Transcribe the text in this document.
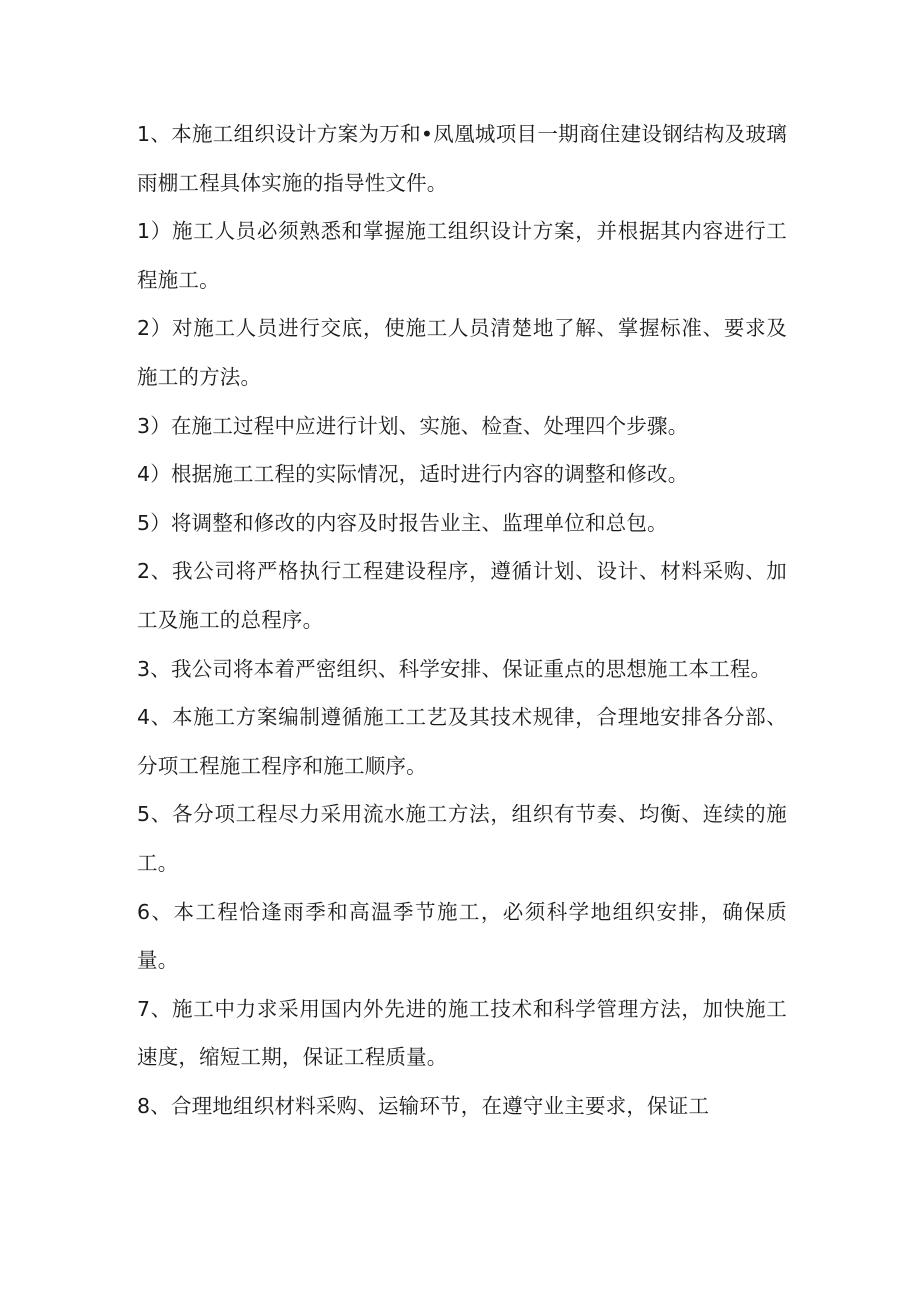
1、本施工组织设计方案为万和•凤凰城项目一期商住建设钢结构及玻璃雨棚工程具体实施的指导性文件。

1）施工人员必须熟悉和掌握施工组织设计方案，并根据其内容进行工程施工。

2）对施工人员进行交底，使施工人员清楚地了解、掌握标准、要求及施工的方法。

3）在施工过程中应进行计划、实施、检查、处理四个步骤。

4）根据施工工程的实际情况，适时进行内容的调整和修改。

5）将调整和修改的内容及时报告业主、监理单位和总包。

2、我公司将严格执行工程建设程序，遵循计划、设计、材料采购、加工及施工的总程序。

3、我公司将本着严密组织、科学安排、保证重点的思想施工本工程。

4、本施工方案编制遵循施工工艺及其技术规律，合理地安排各分部、分项工程施工程序和施工顺序。

5、各分项工程尽力采用流水施工方法，组织有节奏、均衡、连续的施工。

6、本工程恰逢雨季和高温季节施工，必须科学地组织安排，确保质量。

7、施工中力求采用国内外先进的施工技术和科学管理方法，加快施工速度，缩短工期，保证工程质量。

8、合理地组织材料采购、运输环节，在遵守业主要求，保证工
